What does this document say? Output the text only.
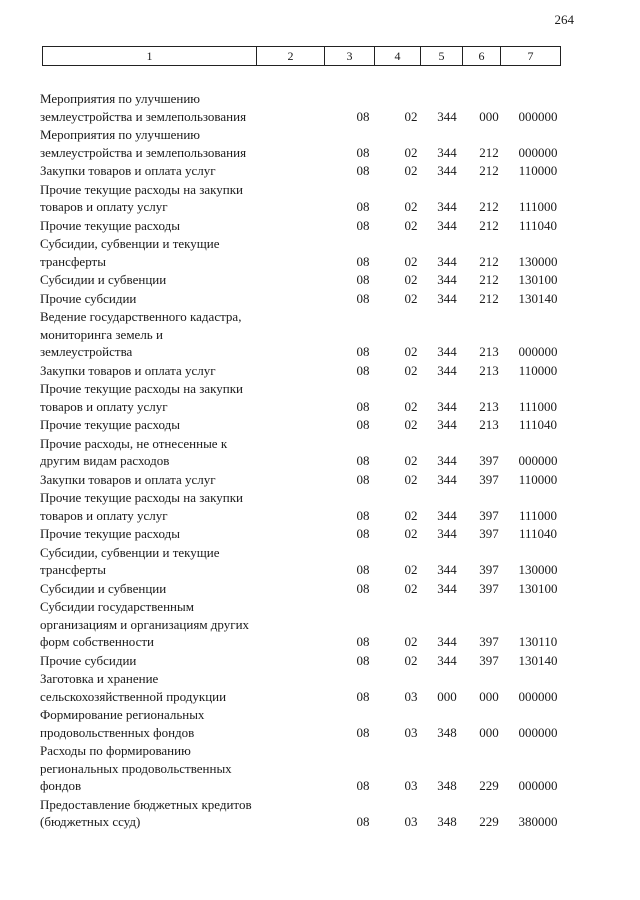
264
1	2	3	4	5	6	7
Мероприятия по улучшению землеустройства и землепользования	08	02	344 000	000000
Мероприятия по улучшению землеустройства и землепользования	08	02	344 212	000000
Закупки товаров и оплата услуг	08	02	344 212	110000
Прочие текущие расходы на закупки товаров и оплату услуг	08	02	344 212	111000
Прочие текущие расходы	08	02	344 212	111040
Субсидии, субвенции и текущие трансферты	08	02	344 212	130000
Субсидии и субвенции	08	02	344 212	130100
Прочие субсидии	08	02	344 212	130140
Ведение государственного кадастра, мониторинга земель и землеустройства	08	02	344 213	000000
Закупки товаров и оплата услуг	08	02	344 213	110000
Прочие текущие расходы на закупки товаров и оплату услуг	08	02	344 213	111000
Прочие текущие расходы	08	02	344 213	111040
Прочие расходы, не отнесенные к другим видам расходов	08	02	344 397	000000
Закупки товаров и оплата услуг	08	02	344 397	110000
Прочие текущие расходы на закупки товаров и оплату услуг	08	02	344 397	111000
Прочие текущие расходы	08	02	344 397	111040
Субсидии, субвенции и текущие трансферты	08	02	344 397	130000
Субсидии и субвенции	08	02	344 397	130100
Субсидии государственным организациям и организациям других форм собственности	08	02	344 397	130110
Прочие субсидии	08	02	344 397	130140
Заготовка и хранение сельскохозяйственной продукции	08	03	000 000	000000
Формирование региональных продовольственных фондов	08	03	348 000	000000
Расходы по формированию региональных продовольственных фондов	08	03	348 229	000000
Предоставление бюджетных кредитов (бюджетных ссуд)	08	03	348 229	380000
